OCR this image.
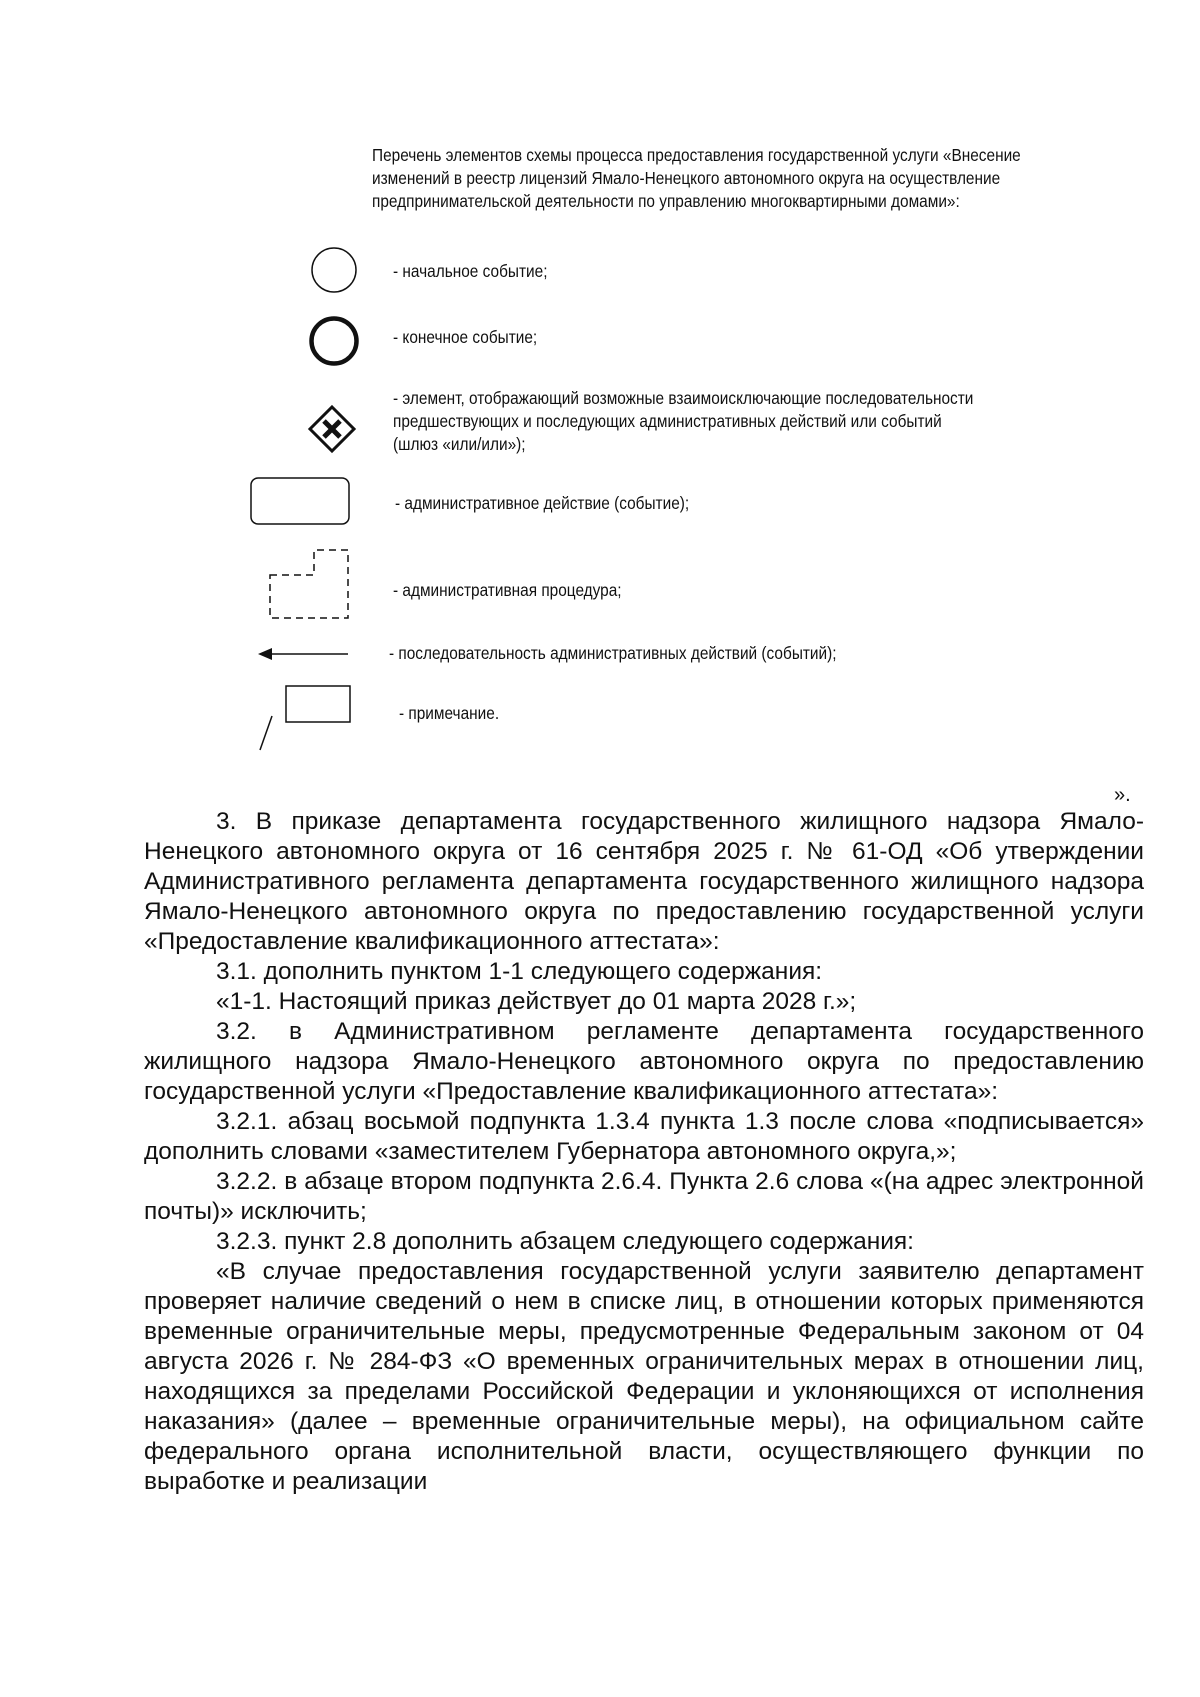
Перечень элементов схемы процесса предоставления государственной услуги «Внесение изменений в реестр лицензий Ямало-Ненецкого автономного округа на осуществление предпринимательской деятельности по управлению многоквартирными домами»:
- начальное событие;
- конечное событие;
- элемент, отображающий возможные взаимоисключающие последовательности
предшествующих и последующих административных действий или событий
(шлюз «или/или»);
- административное действие (событие);
- административная процедура;
- последовательность административных действий (событий);
- примечание.
».

3. В приказе департамента государственного жилищного надзора Ямало-Ненецкого автономного округа от 16 сентября 2025 г. № 61-ОД «Об утверждении Административного регламента департамента государственного жилищного надзора Ямало-Ненецкого автономного округа по предоставлению государственной услуги «Предоставление квалификационного аттестата»:

3.1. дополнить пунктом 1-1 следующего содержания:

«1-1. Настоящий приказ действует до 01 марта 2028 г.»;

3.2. в Административном регламенте департамента государственного жилищного надзора Ямало-Ненецкого автономного округа по предоставлению государственной услуги «Предоставление квалификационного аттестата»:

3.2.1. абзац восьмой подпункта 1.3.4 пункта 1.3 после слова «подписывается» дополнить словами «заместителем Губернатора автономного округа,»;

3.2.2. в абзаце втором подпункта 2.6.4. Пункта 2.6 слова «(на адрес электронной почты)» исключить;

3.2.3. пункт 2.8 дополнить абзацем следующего содержания:

«В случае предоставления государственной услуги заявителю департамент проверяет наличие сведений о нем в списке лиц, в отношении которых применяются временные ограничительные меры, предусмотренные Федеральным законом от 04 августа 2026 г. № 284-ФЗ «О временных ограничительных мерах в отношении лиц, находящихся за пределами Российской Федерации и уклоняющихся от исполнения наказания» (далее – временные ограничительные меры), на официальном сайте федерального органа исполнительной власти, осуществляющего функции по выработке и реализации
